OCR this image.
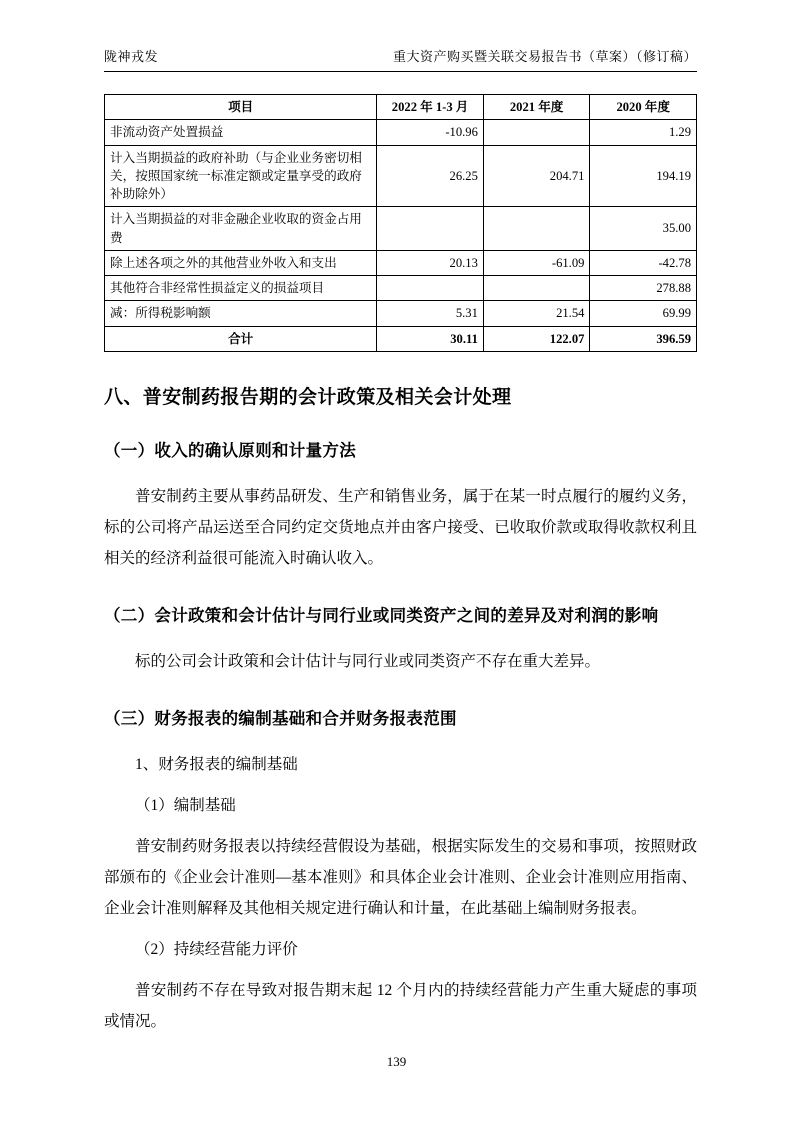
陇神戎发	重大资产购买暨关联交易报告书（草案）（修订稿）
项目	2022 年 1-3 月	2021 年度	2020 年度
非流动资产处置损益	-10.96		1.29
计入当期损益的政府补助（与企业业务密切相关，按照国家统一标准定额或定量享受的政府补助除外）	26.25	204.71	194.19
计入当期损益的对非金融企业收取的资金占用费			35.00
除上述各项之外的其他营业外收入和支出	20.13	-61.09	-42.78
其他符合非经常性损益定义的损益项目			278.88
减：所得税影响额	5.31	21.54	69.99
合计	30.11	122.07	396.59
八、普安制药报告期的会计政策及相关会计处理
（一）收入的确认原则和计量方法

普安制药主要从事药品研发、生产和销售业务，属于在某一时点履行的履约义务，标的公司将产品运送至合同约定交货地点并由客户接受、已收取价款或取得收款权利且相关的经济利益很可能流入时确认收入。

（二）会计政策和会计估计与同行业或同类资产之间的差异及对利润的影响

标的公司会计政策和会计估计与同行业或同类资产不存在重大差异。

（三）财务报表的编制基础和合并财务报表范围

1、财务报表的编制基础

（1）编制基础

普安制药财务报表以持续经营假设为基础，根据实际发生的交易和事项，按照财政部颁布的《企业会计准则—基本准则》和具体企业会计准则、企业会计准则应用指南、企业会计准则解释及其他相关规定进行确认和计量，在此基础上编制财务报表。

（2）持续经营能力评价

普安制药不存在导致对报告期末起 12 个月内的持续经营能力产生重大疑虑的事项或情况。

139
